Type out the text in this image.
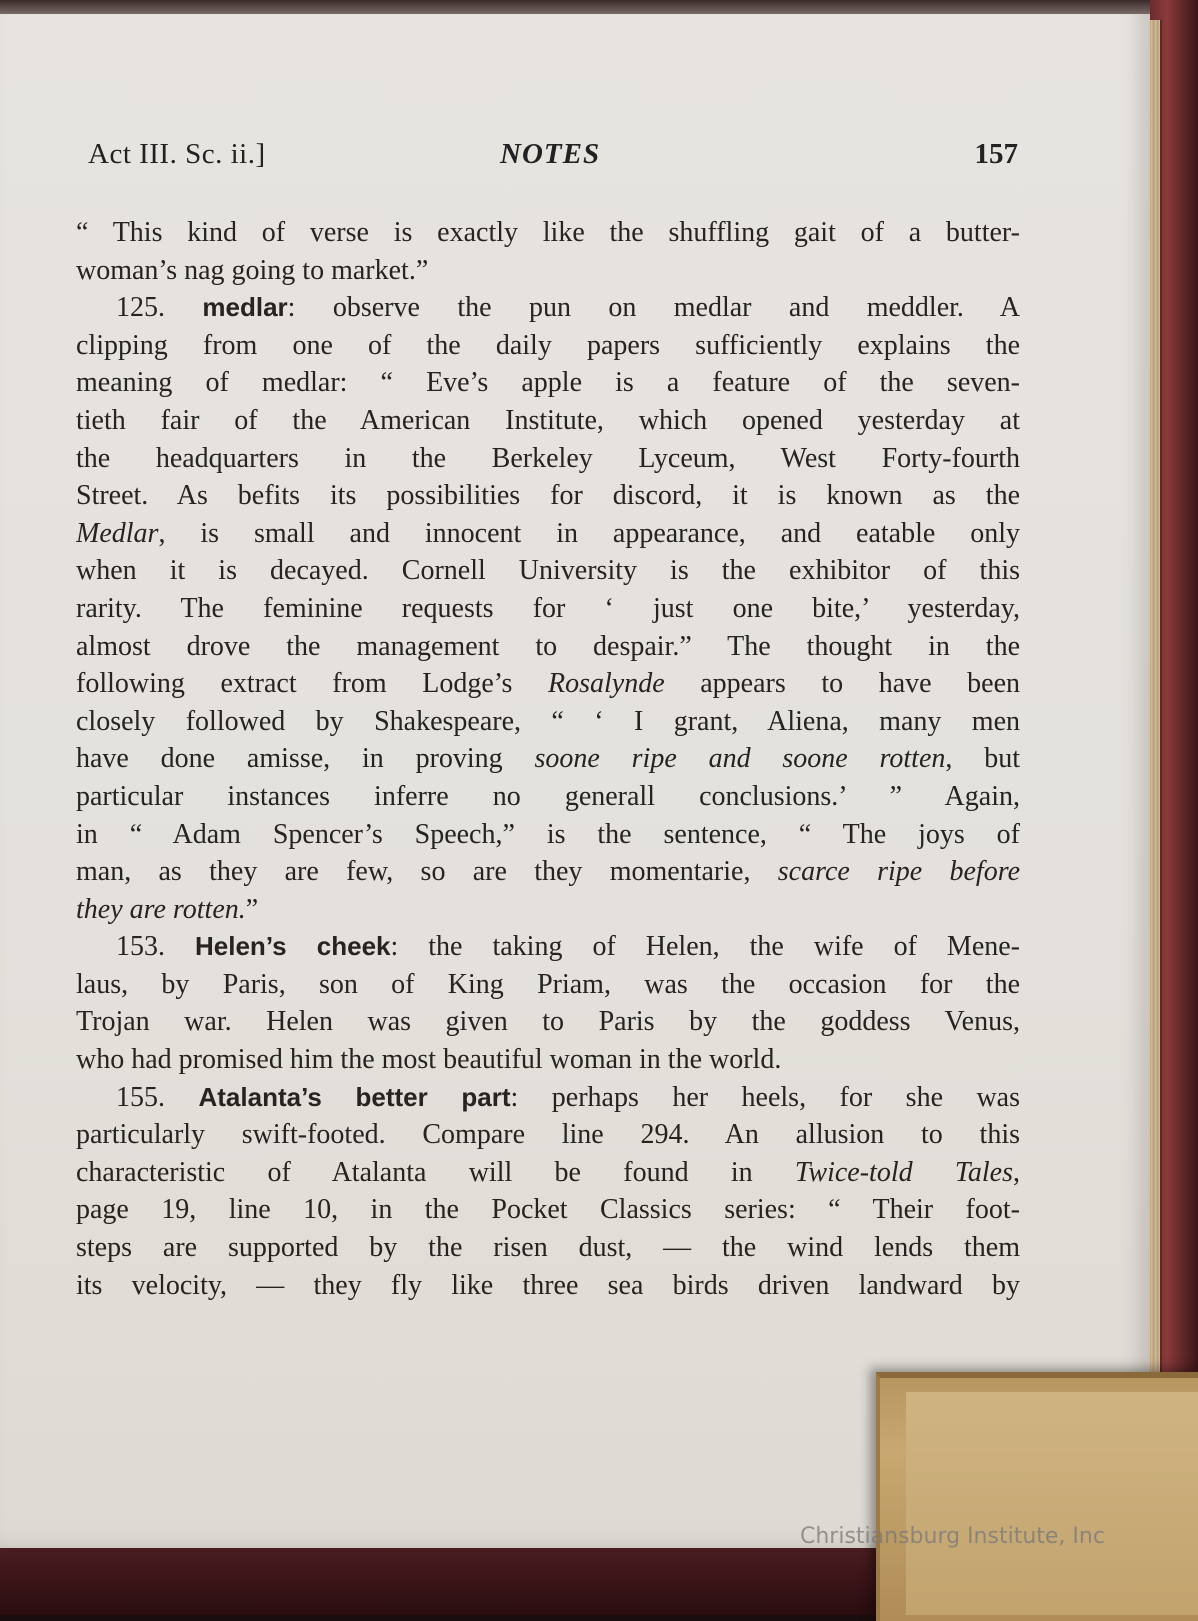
Act III. Sc. ii.]	NOTES	157
“ This kind of verse is exactly like the shuffling gait of a butter-
woman’s nag going to market.”
125. medlar: observe the pun on medlar and meddler. A
clipping from one of the daily papers sufficiently explains the
meaning of medlar: “ Eve’s apple is a feature of the seven-
tieth fair of the American Institute, which opened yesterday at
the headquarters in the Berkeley Lyceum, West Forty-fourth
Street. As befits its possibilities for discord, it is known as the
Medlar, is small and innocent in appearance, and eatable only
when it is decayed. Cornell University is the exhibitor of this
rarity. The feminine requests for ‘ just one bite,’ yesterday,
almost drove the management to despair.” The thought in the
following extract from Lodge’s Rosalynde appears to have been
closely followed by Shakespeare, “ ‘ I grant, Aliena, many men
have done amisse, in proving soone ripe and soone rotten, but
particular instances inferre no generall conclusions.’ ” Again,
in “ Adam Spencer’s Speech,” is the sentence, “ The joys of
man, as they are few, so are they momentarie, scarce ripe before
they are rotten.”
153. Helen’s cheek: the taking of Helen, the wife of Mene-
laus, by Paris, son of King Priam, was the occasion for the
Trojan war. Helen was given to Paris by the goddess Venus,
who had promised him the most beautiful woman in the world.
155. Atalanta’s better part: perhaps her heels, for she was
particularly swift-footed. Compare line 294. An allusion to this
characteristic of Atalanta will be found in Twice-told Tales,
page 19, line 10, in the Pocket Classics series: “ Their foot-
steps are supported by the risen dust, — the wind lends them
its velocity, — they fly like three sea birds driven landward by
Christiansburg Institute, Inc
